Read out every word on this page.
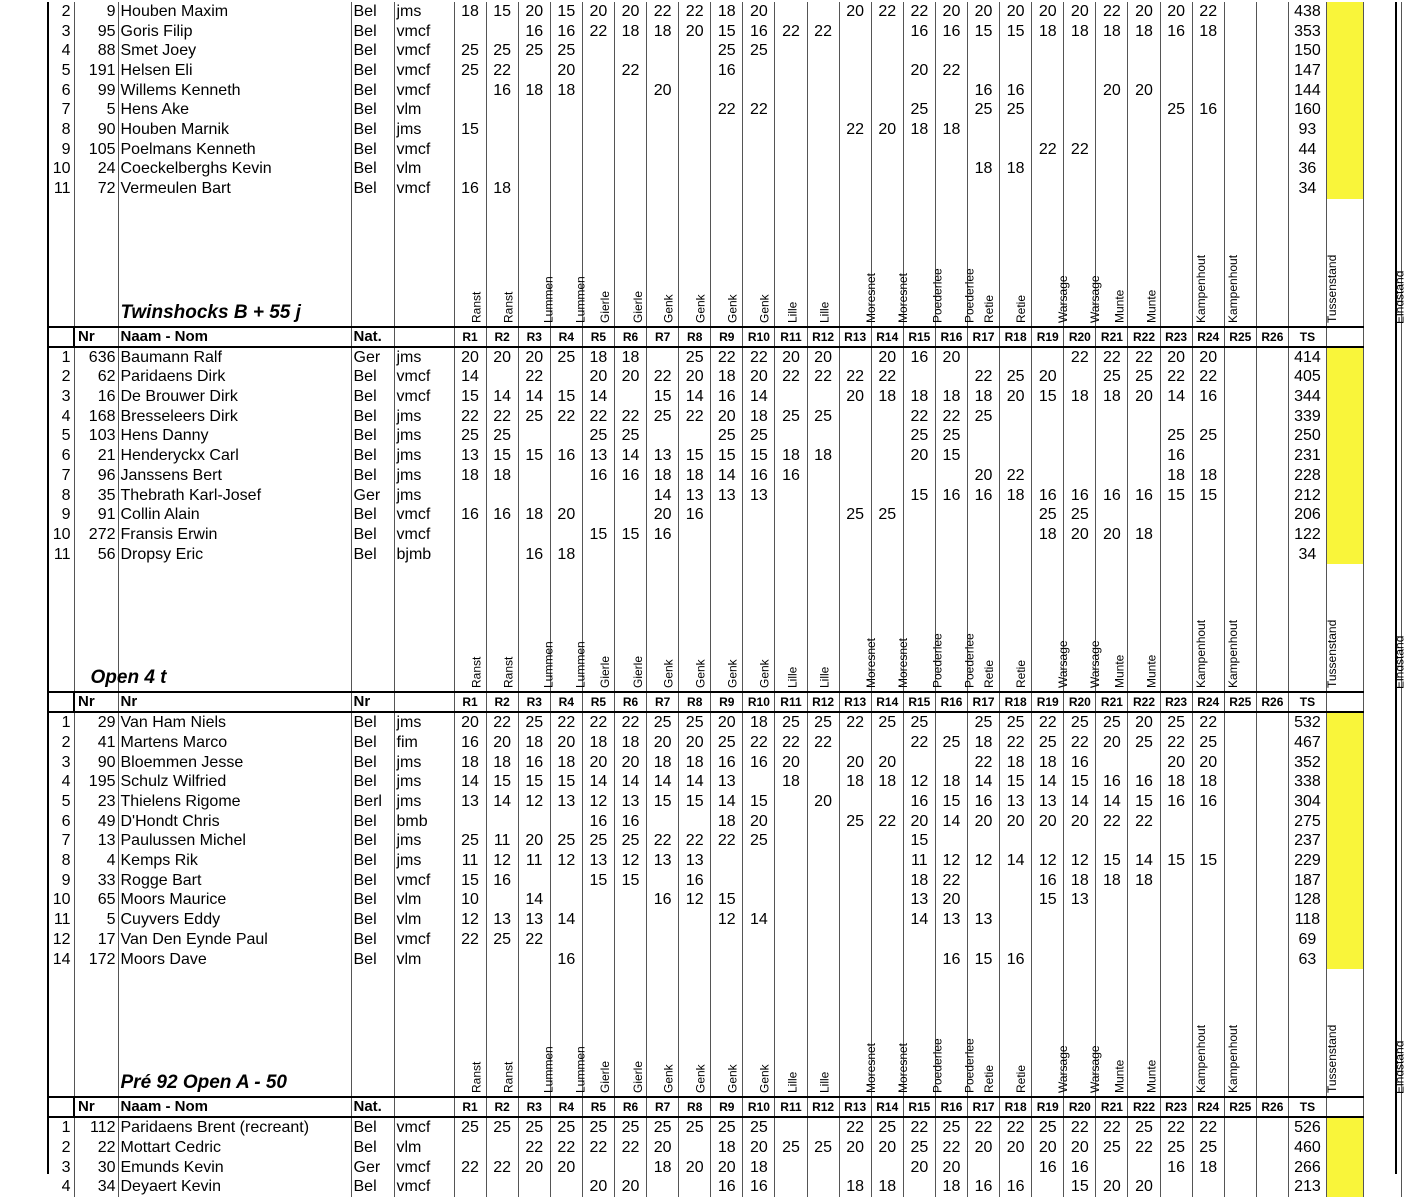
2	9	Houben Maxim	Bel	jms	18	15	20	15	20	20	22	22	18	20			20	22	22	20	20	20	20	20	22	20	20	22			438		
3	95	Goris Filip	Bel	vmcf			16	16	22	18	18	20	15	16	22	22			16	16	15	15	18	18	18	18	16	18			353		
4	88	Smet Joey	Bel	vmcf	25	25	25	25					25	25																	150		
5	191	Helsen Eli	Bel	vmcf	25	22		20		22			16						20	22											147		
6	99	Willems Kenneth	Bel	vmcf		16	18	18			20										16	16			20	20					144		
7	5	Hens Ake	Bel	vlm									22	22					25		25	25					25	16			160		
8	90	Houben Marnik	Bel	jms	15												22	20	18	18											93		
9	105	Poelmans Kenneth	Bel	vmcf																			22	22							44		
10	24	Coeckelberghs Kevin	Bel	vlm																	18	18									36		
11	72	Vermeulen Bart	Bel	vmcf	16	18																									34		

		Twinshocks B + 55 j			Ranst	Ranst	Lummen	Lummen	Gierle	Gierle	Genk	Genk	Genk	Genk	Lille	Lille	Moresnet	Moresnet	Poederlee	Poederlee	Retie	Retie	Warsage	Warsage	Munte	Munte	Kampenhout	Kampenhout			Tussenstand		Eindstand

	Nr	Naam - Nom	Nat.		R1	R2	R3	R4	R5	R6	R7	R8	R9	R10	R11	R12	R13	R14	R15	R16	R17	R18	R19	R20	R21	R22	R23	R24	R25	R26	TS		
1	636	Baumann Ralf	Ger	jms	20	20	20	25	18	18		25	22	22	20	20		20	16	20				22	22	22	20	20			414		
2	62	Paridaens Dirk	Bel	vmcf	14		22		20	20	22	20	18	20	22	22	22	22			22	25	20		25	25	22	22			405		
3	16	De Brouwer Dirk	Bel	vmcf	15	14	14	15	14		15	14	16	14			20	18	18	18	18	20	15	18	18	20	14	16			344		
4	168	Bresseleers Dirk	Bel	jms	22	22	25	22	22	22	25	22	20	18	25	25			22	22	25										339		
5	103	Hens Danny	Bel	jms	25	25			25	25			25	25					25	25							25	25			250		
6	21	Henderyckx Carl	Bel	jms	13	15	15	16	13	14	13	15	15	15	18	18			20	15							16				231		
7	96	Janssens Bert	Bel	jms	18	18			16	16	18	18	14	16	16						20	22					18	18			228		
8	35	Thebrath Karl-Josef	Ger	jms							14	13	13	13					15	16	16	18	16	16	16	16	15	15			212		
9	91	Collin Alain	Bel	vmcf	16	16	18	20			20	16					25	25					25	25							206		
10	272	Fransis Erwin	Bel	vmcf					15	15	16												18	20	20	18					122		
11	56	Dropsy Eric	Bel	bjmb			16	18																							34		

		Open 4 t			Ranst	Ranst	Lummen	Lummen	Gierle	Gierle	Genk	Genk	Genk	Genk	Lille	Lille	Moresnet	Moresnet	Poederlee	Poederlee	Retie	Retie	Warsage	Warsage	Munte	Munte	Kampenhout	Kampenhout			Tussenstand		Eindstand

	Nr	Nr	Nr		R1	R2	R3	R4	R5	R6	R7	R8	R9	R10	R11	R12	R13	R14	R15	R16	R17	R18	R19	R20	R21	R22	R23	R24	R25	R26	TS		
1	29	Van Ham Niels	Bel	jms	20	22	25	22	22	22	25	25	20	18	25	25	22	25	25		25	25	22	25	25	20	25	22			532		
2	41	Martens Marco	Bel	fim	16	20	18	20	18	18	20	20	25	22	22	22			22	25	18	22	25	22	20	25	22	25			467		
3	90	Bloemmen Jesse	Bel	jms	18	18	16	18	20	20	18	18	16	16	20		20	20			22	18	18	16			20	20			352		
4	195	Schulz Wilfried	Bel	jms	14	15	15	15	14	14	14	14	13		18		18	18	12	18	14	15	14	15	16	16	18	18			338		
5	23	Thielens Rigome	Berl	jms	13	14	12	13	12	13	15	15	14	15		20			16	15	16	13	13	14	14	15	16	16			304		
6	49	D'Hondt Chris	Bel	bmb					16	16			18	20			25	22	20	14	20	20	20	20	22	22					275		
7	13	Paulussen Michel	Bel	jms	25	11	20	25	25	25	22	22	22	25					15												237		
8	4	Kemps Rik	Bel	jms	11	12	11	12	13	12	13	13							11	12	12	14	12	12	15	14	15	15			229		
9	33	Rogge Bart	Bel	vmcf	15	16			15	15		16							18	22			16	18	18	18					187		
10	65	Moors Maurice	Bel	vlm	10		14				16	12	15						13	20			15	13							128		
11	5	Cuyvers Eddy	Bel	vlm	12	13	13	14					12	14					14	13	13										118		
12	17	Van Den Eynde Paul	Bel	vmcf	22	25	22																								69		
14	172	Moors Dave	Bel	vlm				16												16	15	16									63		

		Pré 92 Open A - 50			Ranst	Ranst	Lummen	Lummen	Gierle	Gierle	Genk	Genk	Genk	Genk	Lille	Lille	Moresnet	Moresnet	Poederlee	Poederlee	Retie	Retie	Warsage	Warsage	Munte	Munte	Kampenhout	Kampenhout			Tussenstand		Eindstand

	Nr	Naam - Nom	Nat.		R1	R2	R3	R4	R5	R6	R7	R8	R9	R10	R11	R12	R13	R14	R15	R16	R17	R18	R19	R20	R21	R22	R23	R24	R25	R26	TS		
1	112	Paridaens Brent (recreant)	Bel	vmcf	25	25	25	25	25	25	25	25	25	25			22	25	22	25	22	22	25	22	22	25	22	22			526		
2	22	Mottart Cedric	Bel	vlm			22	22	22	22	20		18	20	25	25	20	20	25	22	20	20	20	20	25	22	25	25			460		
3	30	Emunds Kevin	Ger	vmcf	22	22	20	20			18	20	20	18					20	20			16	16			16	18			266		
4	34	Deyaert Kevin	Bel	vmcf					20	20			16	16			18	18		18	16	16		15	20	20					213		
